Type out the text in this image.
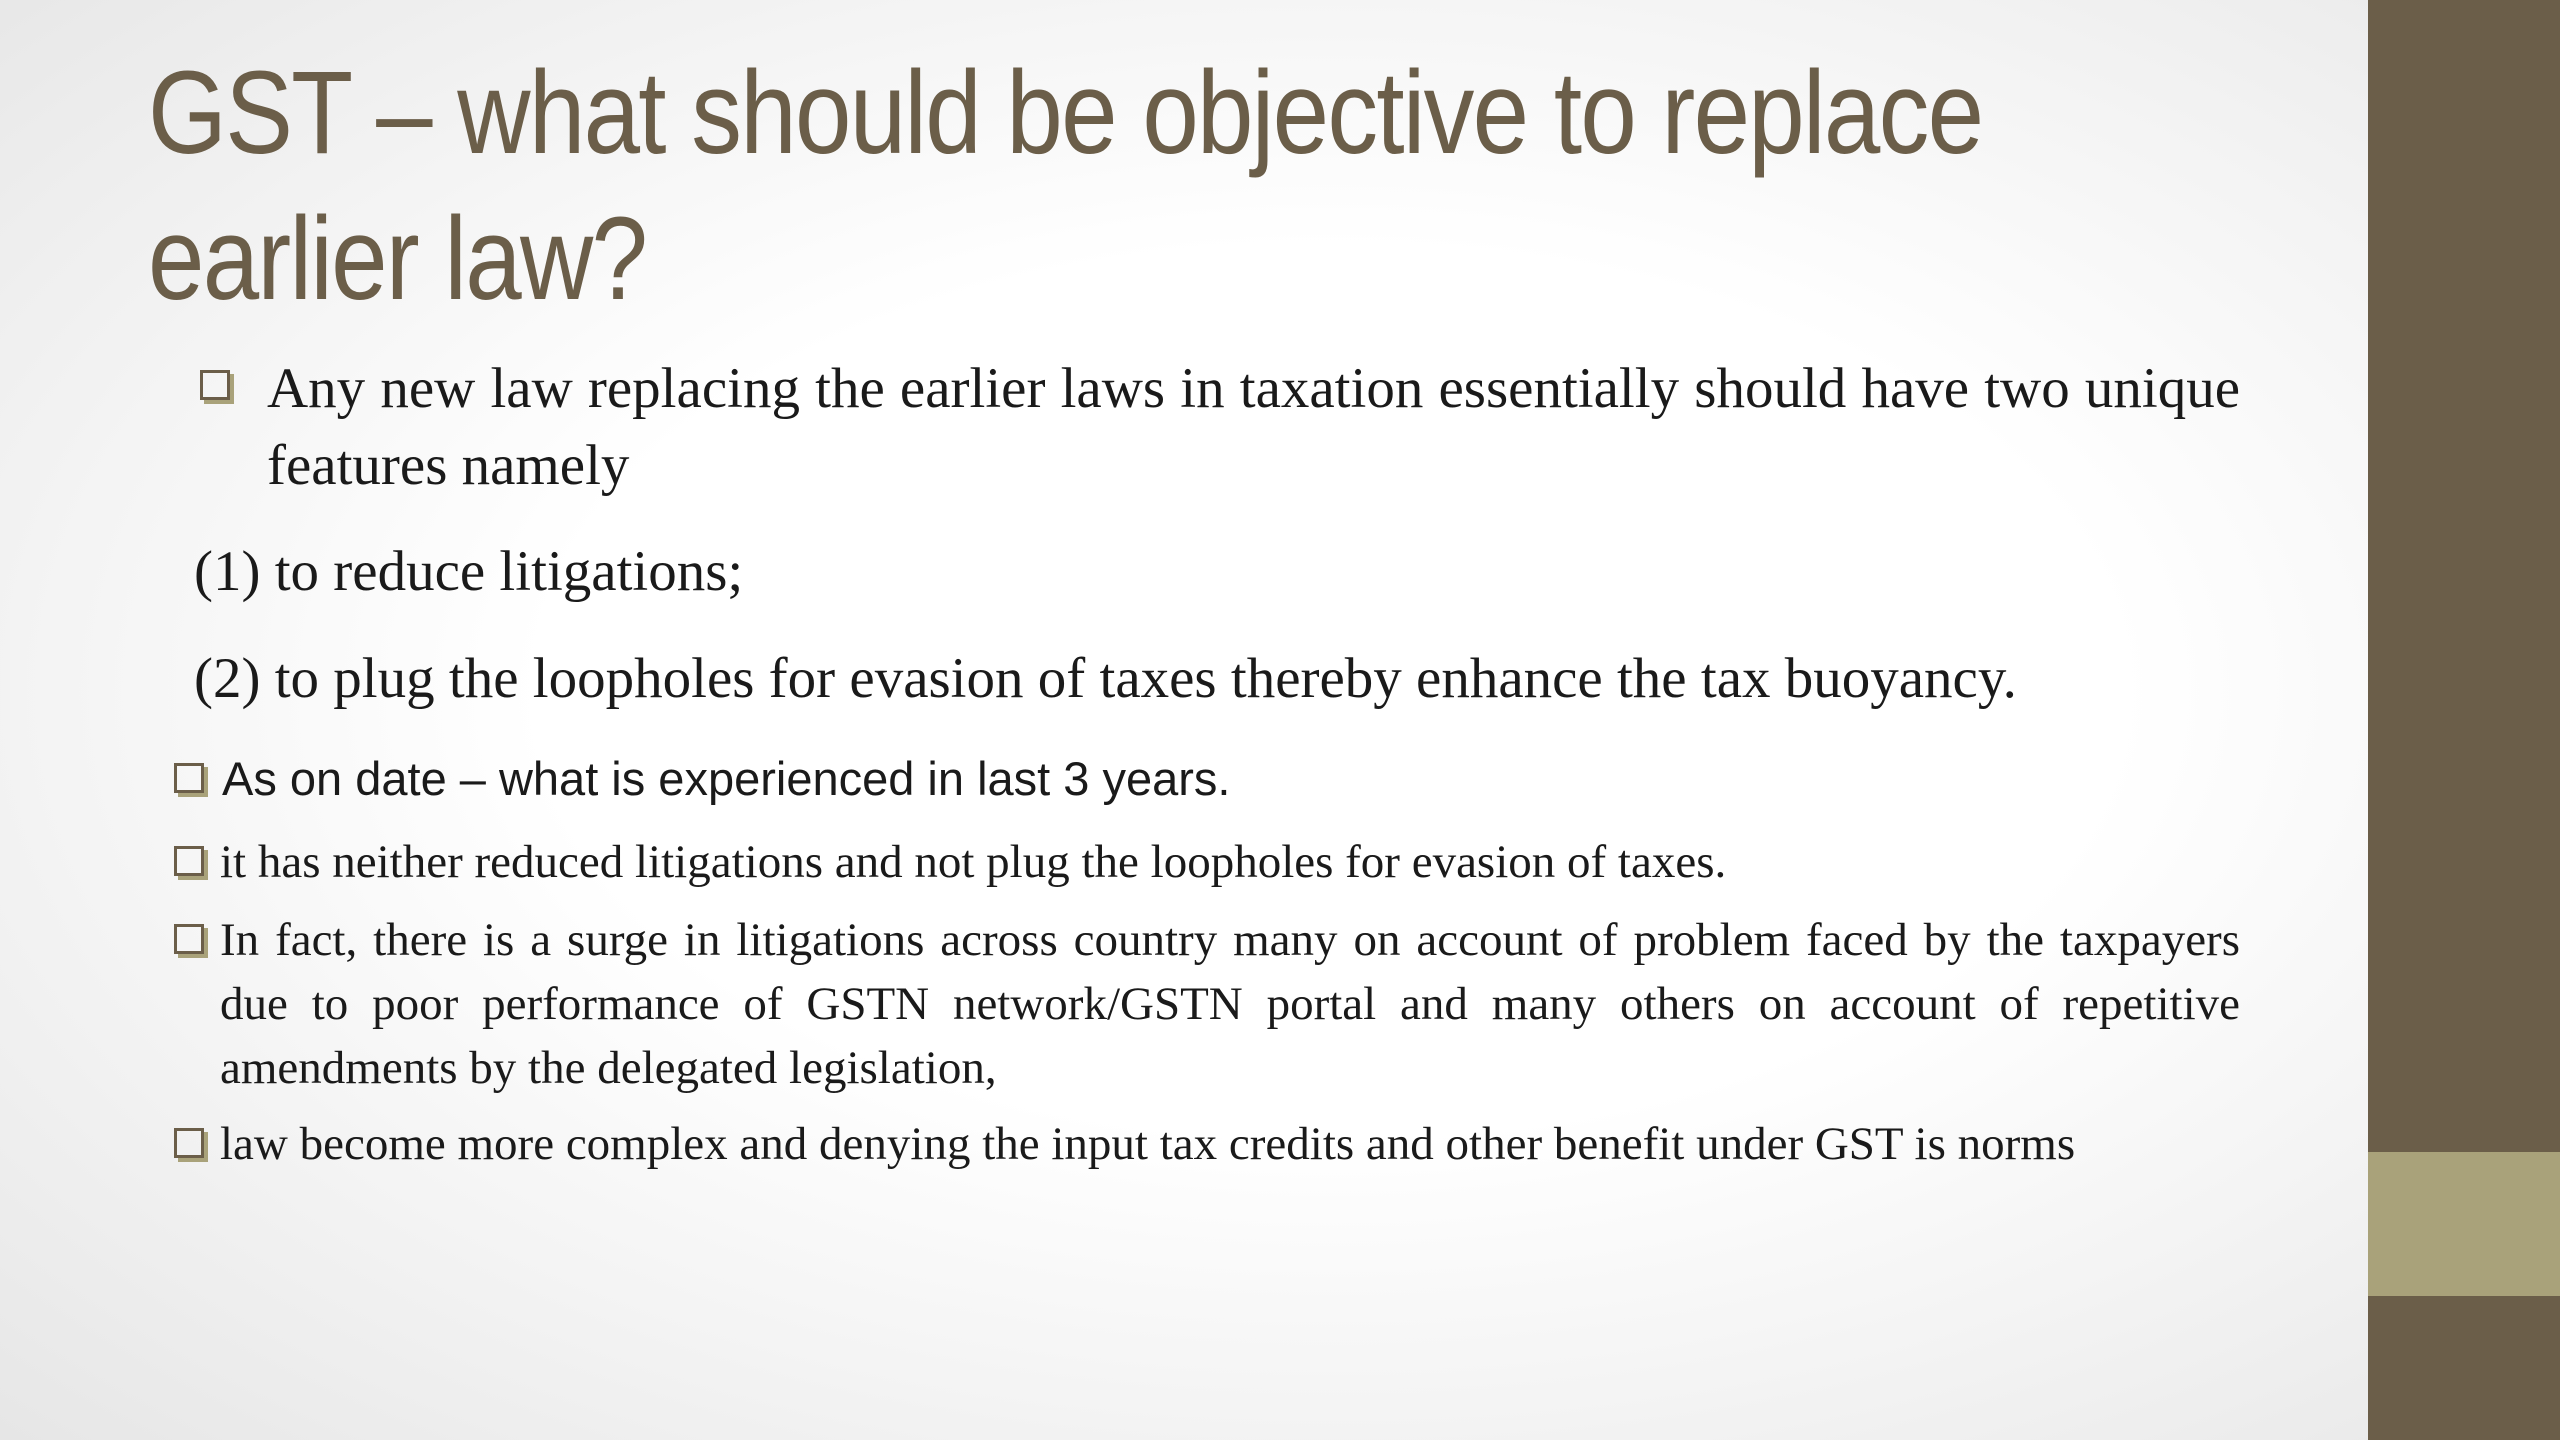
GST – what should be objective to replace earlier law?
Any new law replacing the earlier laws in taxation essentially should have two unique features namely
(1) to reduce litigations;
(2) to plug the loopholes for evasion of taxes thereby enhance the tax buoyancy.
As on date – what is experienced in last 3 years.
it has neither reduced litigations and not plug the loopholes for evasion of taxes.
In fact, there is a surge in litigations across country many on account of problem faced by the taxpayers due to poor performance of GSTN network/GSTN portal and many others on account of repetitive amendments by the delegated legislation,
law become more complex and denying the input tax credits and other benefit under GST is norms
